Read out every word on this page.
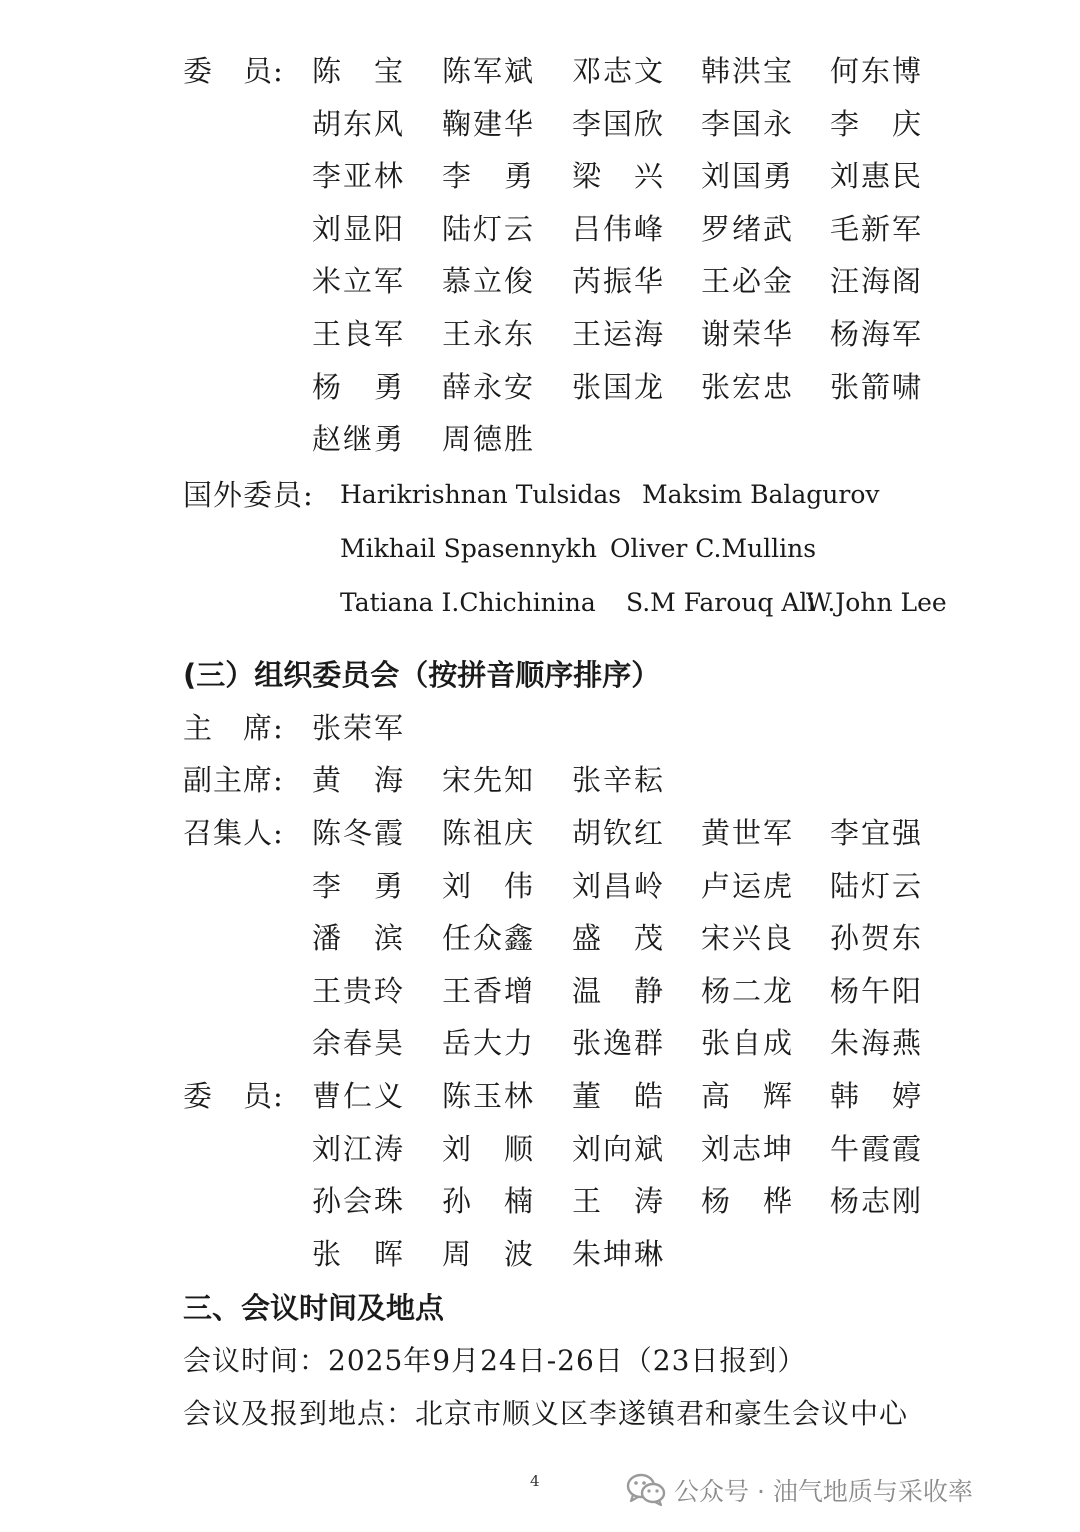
委　员: 陈　宝 陈军斌 邓志文 韩洪宝 何东博
胡东风 鞠建华 李国欣 李国永 李　庆
李亚林 李　勇 梁　兴 刘国勇 刘惠民
刘显阳 陆灯云 吕伟峰 罗绪武 毛新军
米立军 慕立俊 芮振华 王必金 汪海阁
王良军 王永东 王运海 谢荣华 杨海军
杨　勇 薛永安 张国龙 张宏忠 张箭啸
赵继勇 周德胜
国外委员: Harikrishnan Tulsidas Maksim Balagurov
Mikhail Spasennykh Oliver C.Mullins
Tatiana I.Chichinina S.M Farouq Ali
W.John Lee
(三）组织委员会（按拼音顺序排序）
主　席: 张荣军
副主席: 黄　海 宋先知 张辛耘
召集人: 陈冬霞 陈祖庆 胡钦红 黄世军 李宜强
李　勇 刘　伟 刘昌岭 卢运虎 陆灯云
潘　滨 任众鑫 盛　茂 宋兴良 孙贺东
王贵玲 王香增 温　静 杨二龙 杨午阳
余春昊 岳大力 张逸群 张自成 朱海燕
委　员: 曹仁义 陈玉林 董　皓 高　辉 韩　婷
刘江涛 刘　顺 刘向斌 刘志坤 牛霞霞
孙会珠 孙　楠 王　涛 杨　桦 杨志刚
张　晖 周　波 朱坤琳
三、会议时间及地点
会议时间：2025年9月24日-26日（23日报到）
会议及报到地点：北京市顺义区李遂镇君和豪生会议中心
4	公众号 · 油气地质与采收率
